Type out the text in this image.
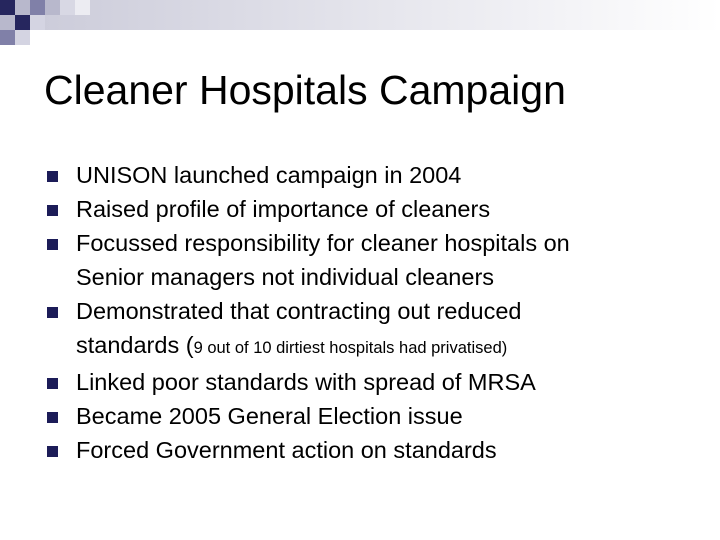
Cleaner Hospitals Campaign
UNISON launched campaign in 2004
Raised profile of importance of cleaners
Focussed responsibility for cleaner hospitals on
Senior managers not individual cleaners
Demonstrated that contracting out reduced
standards (9 out of 10 dirtiest hospitals had privatised)
Linked poor standards with spread of MRSA
Became 2005 General Election issue
Forced Government action on standards
